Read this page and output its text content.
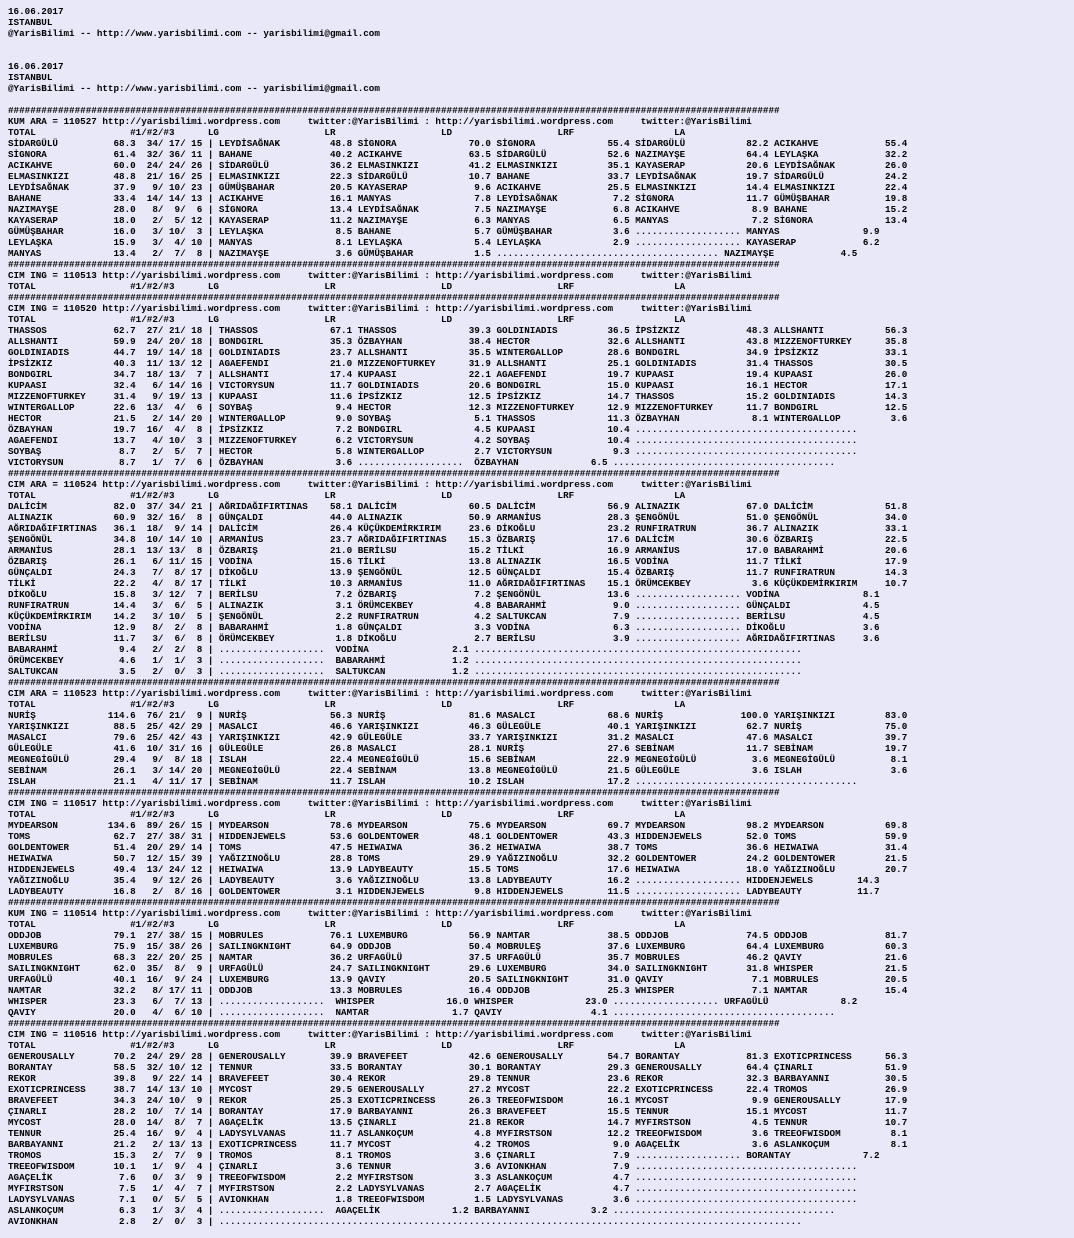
16.06.2017
ISTANBUL
@YarisBilimi -- http://www.yarisbilimi.com -- yarisbilimi@gmail.com

16.06.2017
ISTANBUL
@YarisBilimi -- http://www.yarisbilimi.com -- yarisbilimi@gmail.com

###########################################################################################################################################
KUM ARA = 110527 http://yarisbilimi.wordpress.com     twitter:@YarisBilimi : http://yarisbilimi.wordpress.com     twitter:@YarisBilimi
TOTAL                 #1/#2/#3      LG                   LR                   LD                   LRF                  LA
SİDARGÜLÜ          68.3  34/ 17/ 15 | LEYDİSAĞNAK         48.8 SİGNORA             70.0 SİGNORA             55.4 SİDARGÜLÜ           82.2 ACIKAHVE            55.4
SİGNORA            61.4  32/ 36/ 11 | BAHANE              40.2 ACIKAHVE            63.5 SİDARGÜLÜ           52.6 NAZIMAYŞE           64.4 LEYLAŞKA            32.2
ACIKAHVE           60.0  24/ 24/ 26 | SİDARGÜLÜ           36.2 ELMASINKIZI         41.2 ELMASINKIZI         35.1 KAYASERAP           20.6 LEYDİSAĞNAK         26.0
ELMASINKIZI        48.8  21/ 16/ 25 | ELMASINKIZI         22.3 SİDARGÜLÜ           10.7 BAHANE              33.7 LEYDİSAĞNAK         19.7 SİDARGÜLÜ           24.2
LEYDİSAĞNAK        37.9   9/ 10/ 23 | GÜMÜŞBAHAR          20.5 KAYASERAP            9.6 ACIKAHVE            25.5 ELMASINKIZI         14.4 ELMASINKIZI         22.4
BAHANE             33.4  14/ 14/ 13 | ACIKAHVE            16.1 MANYAS               7.8 LEYDİSAĞNAK          7.2 SİGNORA             11.7 GÜMÜŞBAHAR          19.8
NAZIMAYŞE          28.0   8/  9/  6 | SİGNORA             13.4 LEYDİSAĞNAK          7.5 NAZIMAYŞE            6.8 ACIKAHVE             8.9 BAHANE              15.2
KAYASERAP          18.0   2/  5/ 12 | KAYASERAP           11.2 NAZIMAYŞE            6.3 MANYAS               6.5 MANYAS               7.2 SİGNORA             13.4
GÜMÜŞBAHAR         16.0   3/ 10/  3 | LEYLAŞKA             8.5 BAHANE               5.7 GÜMÜŞBAHAR           3.6 ................... MANYAS               9.9
LEYLAŞKA           15.9   3/  4/ 10 | MANYAS               8.1 LEYLAŞKA             5.4 LEYLAŞKA             2.9 ................... KAYASERAP            6.2
MANYAS             13.4   2/  7/  8 | NAZIMAYŞE            3.6 GÜMÜŞBAHAR           1.5 ........................................ NAZIMAYŞE            4.5
###########################################################################################################################################
CIM ING = 110513 http://yarisbilimi.wordpress.com     twitter:@YarisBilimi : http://yarisbilimi.wordpress.com     twitter:@YarisBilimi
TOTAL                 #1/#2/#3      LG                   LR                   LD                   LRF                  LA
###########################################################################################################################################
CIM ING = 110520 http://yarisbilimi.wordpress.com     twitter:@YarisBilimi : http://yarisbilimi.wordpress.com     twitter:@YarisBilimi
TOTAL                 #1/#2/#3      LG                   LR                   LD                   LRF                  LA
THASSOS            62.7  27/ 21/ 18 | THASSOS             67.1 THASSOS             39.3 GOLDINIADIS         36.5 İPSİZKIZ            48.3 ALLSHANTI           56.3
ALLSHANTI          59.9  24/ 20/ 18 | BONDGIRL            35.3 ÖZBAYHAN            38.4 HECTOR              32.6 ALLSHANTI           43.8 MIZZENOFTURKEY      35.8
GOLDINIADIS        44.7  19/ 14/ 18 | GOLDINIADIS         23.7 ALLSHANTI           35.5 WINTERGALLOP        28.6 BONDGIRL            34.9 İPSİZKIZ            33.1
İPSİZKIZ           40.3  11/ 13/ 12 | AGAEFENDI           21.0 MIZZENOFTURKEY      31.9 ALLSHANTI           25.1 GOLDINIADIS         31.4 THASSOS             30.5
BONDGIRL           34.7  18/ 13/  7 | ALLSHANTI           17.4 KUPAASI             22.1 AGAEFENDI           19.7 KUPAASI             19.4 KUPAASI             26.0
KUPAASI            32.4   6/ 14/ 16 | VICTORYSUN          11.7 GOLDINIADIS         20.6 BONDGIRL            15.0 KUPAASI             16.1 HECTOR              17.1
MIZZENOFTURKEY     31.4   9/ 19/ 13 | KUPAASI             11.6 İPSİZKIZ            12.5 İPSİZKIZ            14.7 THASSOS             15.2 GOLDINIADIS         14.3
WINTERGALLOP       22.6  13/  4/  6 | SOYBAŞ               9.4 HECTOR              12.3 MIZZENOFTURKEY      12.9 MIZZENOFTURKEY      11.7 BONDGIRL            12.5
HECTOR             21.5   2/ 14/ 20 | WINTERGALLOP         9.0 SOYBAŞ               5.1 THASSOS             11.3 ÖZBAYHAN             8.1 WINTERGALLOP         3.6
ÖZBAYHAN           19.7  16/  4/  8 | İPSİZKIZ             7.2 BONDGIRL             4.5 KUPAASI             10.4 ........................................
AGAEFENDI          13.7   4/ 10/  3 | MIZZENOFTURKEY       6.2 VICTORYSUN           4.2 SOYBAŞ              10.4 ........................................
SOYBAŞ              8.7   2/  5/  7 | HECTOR               5.8 WINTERGALLOP         2.7 VICTORYSUN           9.3 ........................................
VICTORYSUN          8.7   1/  7/  6 | ÖZBAYHAN             3.6 ...................  ÖZBAYHAN             6.5 ........................................
###########################################################################################################################################
CIM ARA = 110524 http://yarisbilimi.wordpress.com     twitter:@YarisBilimi : http://yarisbilimi.wordpress.com     twitter:@YarisBilimi
TOTAL                 #1/#2/#3      LG                   LR                   LD                   LRF                  LA
DALİCİM            82.0  37/ 34/ 21 | AĞRIDAĞIFIRTINAS    58.1 DALİCİM             60.5 DALİCİM             56.9 ALINAZIK            67.0 DALİCİM             51.8
ALINAZIK           60.9  32/ 16/  8 | GÜNÇALDI            44.0 ALINAZIK            50.9 ARMANİUS            28.3 ŞENGÖNÜL            51.0 ŞENGÖNÜL            34.0
AĞRIDAĞIFIRTINAS   36.1  18/  9/ 14 | DALİCİM             26.4 KÜÇÜKDEMİRKIRIM     23.6 DİKOĞLU             23.2 RUNFIRATRUN         36.7 ALINAZIK            33.1
ŞENGÖNÜL           34.8  10/ 14/ 10 | ARMANİUS            23.7 AĞRIDAĞIFIRTINAS    15.3 ÖZBARIŞ             17.6 DALİCİM             30.6 ÖZBARIŞ             22.5
ARMANİUS           28.1  13/ 13/  8 | ÖZBARIŞ             21.0 BERİLSU             15.2 TİLKİ               16.9 ARMANİUS            17.0 BABARAHMİ           20.6
ÖZBARIŞ            26.1   6/ 11/ 15 | VODİNA              15.6 TİLKİ               13.8 ALINAZIK            16.5 VODİNA              11.7 TİLKİ               17.9
GÜNÇALDI           24.3   7/  8/ 17 | DİKOĞLU             13.9 ŞENGÖNÜL            12.5 GÜNÇALDI            15.4 ÖZBARIŞ             11.7 RUNFIRATRUN         14.3
TİLKİ              22.2   4/  8/ 17 | TİLKİ               10.3 ARMANİUS            11.0 AĞRIDAĞIFIRTINAS    15.1 ÖRÜMCEKBEY           3.6 KÜÇÜKDEMİRKIRIM     10.7
DİKOĞLU            15.8   3/ 12/  7 | BERİLSU              7.2 ÖZBARIŞ              7.2 ŞENGÖNÜL            13.6 ................... VODİNA               8.1
RUNFIRATRUN        14.4   3/  6/  5 | ALINAZIK             3.1 ÖRÜMCEKBEY           4.8 BABARAHMİ            9.0 ................... GÜNÇALDI             4.5
KÜÇÜKDEMİRKIRIM    14.2   3/ 10/  5 | ŞENGÖNÜL             2.2 RUNFIRATRUN          4.2 SALTUKCAN            7.9 ................... BERİLSU              4.5
VODİNA             12.9   8/  2/  8 | BABARAHMİ            1.8 GÜNÇALDI             3.3 VODİNA               6.3 ................... DİKOĞLU              3.6
BERİLSU            11.7   3/  6/  8 | ÖRÜMCEKBEY           1.8 DİKOĞLU              2.7 BERİLSU              3.9 ................... AĞRIDAĞIFIRTINAS     3.6
BABARAHMİ           9.4   2/  2/  8 | ...................  VODİNA               2.1 ...........................................................
ÖRÜMCEKBEY          4.6   1/  1/  3 | ...................  BABARAHMİ            1.2 ...........................................................
SALTUKCAN           3.5   2/  0/  3 | ...................  SALTUKCAN            1.2 ...........................................................
###########################################################################################################################################
CIM ARA = 110523 http://yarisbilimi.wordpress.com     twitter:@YarisBilimi : http://yarisbilimi.wordpress.com     twitter:@YarisBilimi
TOTAL                 #1/#2/#3      LG                   LR                   LD                   LRF                  LA
NURİŞ             114.6  76/ 21/  9 | NURİŞ               56.3 NURİŞ               81.6 MASALCI             68.6 NURİŞ              100.0 YARIŞINKIZI         83.0
YARIŞINKIZI        88.5  25/ 42/ 29 | MASALCI             46.6 YARIŞINKIZI         46.3 GÜLEGÜLE            40.1 YARIŞINKIZI         62.7 NURİŞ               75.0
MASALCI            79.6  25/ 42/ 43 | YARIŞINKIZI         42.9 GÜLEGÜLE            33.7 YARIŞINKIZI         31.2 MASALCI             47.6 MASALCI             39.7
GÜLEGÜLE           41.6  10/ 31/ 16 | GÜLEGÜLE            26.8 MASALCI             28.1 NURİŞ               27.6 SEBİNAM             11.7 SEBİNAM             19.7
MEGNEGİGÜLÜ        29.4   9/  8/ 18 | ISLAH               22.4 MEGNEGİGÜLÜ         15.6 SEBİNAM             22.9 MEGNEGİGÜLÜ          3.6 MEGNEGİGÜLÜ          8.1
SEBİNAM            26.1   3/ 14/ 20 | MEGNEGİGÜLÜ         22.4 SEBİNAM             13.8 MEGNEGİGÜLÜ         21.5 GÜLEGÜLE             3.6 ISLAH                3.6
ISLAH              21.1   4/ 11/ 17 | SEBİNAM             11.7 ISLAH               10.2 ISLAH               17.2 ........................................
###########################################################################################################################################
CIM ING = 110517 http://yarisbilimi.wordpress.com     twitter:@YarisBilimi : http://yarisbilimi.wordpress.com     twitter:@YarisBilimi
TOTAL                 #1/#2/#3      LG                   LR                   LD                   LRF                  LA
MYDEARSON         134.6  89/ 26/ 15 | MYDEARSON           78.6 MYDEARSON           75.6 MYDEARSON           69.7 MYDEARSON           98.2 MYDEARSON           69.8
TOMS               62.7  27/ 38/ 31 | HIDDENJEWELS        53.6 GOLDENTOWER         48.1 GOLDENTOWER         43.3 HIDDENJEWELS        52.0 TOMS                59.9
GOLDENTOWER        51.4  20/ 29/ 14 | TOMS                47.5 HEIWAIWA            36.2 HEIWAIWA            38.7 TOMS                36.6 HEIWAIWA            31.4
HEIWAIWA           50.7  12/ 15/ 39 | YAĞIZINOĞLU         28.8 TOMS                29.9 YAĞIZINOĞLU         32.2 GOLDENTOWER         24.2 GOLDENTOWER         21.5
HIDDENJEWELS       49.4  13/ 24/ 12 | HEIWAIWA            13.9 LADYBEAUTY          15.5 TOMS                17.6 HEIWAIWA            18.0 YAĞIZINOĞLU         20.7
YAĞIZINOĞLU        35.4   9/ 12/ 26 | LADYBEAUTY           3.6 YAĞIZINOĞLU         13.8 LADYBEAUTY          16.2 ................... HIDDENJEWELS        14.3
LADYBEAUTY         16.8   2/  8/ 16 | GOLDENTOWER          3.1 HIDDENJEWELS         9.8 HIDDENJEWELS        11.5 ................... LADYBEAUTY          11.7
###########################################################################################################################################
KUM ING = 110514 http://yarisbilimi.wordpress.com     twitter:@YarisBilimi : http://yarisbilimi.wordpress.com     twitter:@YarisBilimi
TOTAL                 #1/#2/#3      LG                   LR                   LD                   LRF                  LA
ODDJOB             79.1  27/ 38/ 15 | MOBRULES            76.1 LUXEMBURG           56.9 NAMTAR              38.5 ODDJOB              74.5 ODDJOB              81.7
LUXEMBURG          75.9  15/ 38/ 26 | SAILINGKNIGHT       64.9 ODDJOB              50.4 MOBRULEŞ            37.6 LUXEMBURG           64.4 LUXEMBURG           60.3
MOBRULES           68.3  22/ 20/ 25 | NAMTAR              36.2 URFAGÜLÜ            37.5 URFAGÜLÜ            35.7 MOBRULES            46.2 QAVIY               21.6
SAILINGKNIGHT      62.0  35/  8/  9 | URFAGÜLÜ            24.7 SAILINGKNIGHT       29.6 LUXEMBURG           34.0 SAILINGKNIGHT       31.8 WHISPER             21.5
URFAGÜLÜ           40.1  16/  9/ 24 | LUXEMBURG           13.9 QAVIY               20.5 SAILINGKNIGHT       31.0 QAVIY                7.1 MOBRULES            20.5
NAMTAR             32.2   8/ 17/ 11 | ODDJOB              13.3 MOBRULES            16.4 ODDJOB              25.3 WHISPER              7.1 NAMTAR              15.4
WHISPER            23.3   6/  7/ 13 | ...................  WHISPER             16.0 WHISPER             23.0 ................... URFAGÜLÜ             8.2
QAVIY              20.0   4/  6/ 10 | ...................  NAMTAR               1.7 QAVIY                4.1 ........................................
###########################################################################################################################################
CIM ING = 110516 http://yarisbilimi.wordpress.com     twitter:@YarisBilimi : http://yarisbilimi.wordpress.com     twitter:@YarisBilimi
TOTAL                 #1/#2/#3      LG                   LR                   LD                   LRF                  LA
GENEROUSALLY       70.2  24/ 29/ 28 | GENEROUSALLY        39.9 BRAVEFEET           42.6 GENEROUSALLY        54.7 BORANTAY            81.3 EXOTICPRINCESS      56.3
BORANTAY           58.5  32/ 10/ 12 | TENNUR              33.5 BORANTAY            30.1 BORANTAY            29.3 GENEROUSALLY        64.4 ÇINARLI             51.9
REKOR              39.8   9/ 22/ 14 | BRAVEFEET           30.4 REKOR               29.8 TENNUR              23.6 REKOR               32.3 BARBAYANNI          30.5
EXOTICPRINCESS     38.7  14/ 13/ 10 | MYCOST              29.5 GENEROUSALLY        27.2 MYCOST              22.2 EXOTICPRINCESS      22.4 TROMOS              26.9
BRAVEFEET          34.3  24/ 10/  9 | REKOR               25.3 EXOTICPRINCESS      26.3 TREEOFWISDOM        16.1 MYCOST               9.9 GENEROUSALLY        17.9
ÇINARLI            28.2  10/  7/ 14 | BORANTAY            17.9 BARBAYANNI          26.3 BRAVEFEET           15.5 TENNUR              15.1 MYCOST              11.7
MYCOST             28.0  14/  8/  7 | AGAÇELİK            13.5 ÇINARLI             21.8 REKOR               14.7 MYFIRSTSON           4.5 TENNUR              10.7
TENNUR             25.4  16/  9/  4 | LADYSYLVANAS        11.7 ASLANKOÇUM           4.8 MYFIRSTSON          12.2 TREEOFWISDOM         3.6 TREEOFWISDOM         8.1
BARBAYANNI         21.2   2/ 13/ 13 | EXOTICPRINCESS      11.7 MYCOST               4.2 TROMOS               9.0 AGAÇELİK             3.6 ASLANKOÇUM           8.1
TROMOS             15.3   2/  7/  9 | TROMOS               8.1 TROMOS               3.6 ÇINARLI              7.9 ................... BORANTAY             7.2
TREEOFWISDOM       10.1   1/  9/  4 | ÇINARLI              3.6 TENNUR               3.6 AVIONKHAN            7.9 ........................................
AGAÇELİK            7.6   0/  3/  9 | TREEOFWISDOM         2.2 MYFIRSTSON           3.3 ASLANKOÇUM           4.7 ........................................
MYFIRSTSON          7.5   1/  4/  7 | MYFIRSTSON           2.2 LADYSYLVANAS         2.7 AGAÇELİK             4.7 ........................................
LADYSYLVANAS        7.1   0/  5/  5 | AVIONKHAN            1.8 TREEOFWISDOM         1.5 LADYSYLVANAS         3.6 ........................................
ASLANKOÇUM          6.3   1/  3/  4 | ...................  AGAÇELİK             1.2 BARBAYANNI           3.2 ........................................
AVIONKHAN           2.8   2/  0/  3 | .........................................................................................................
